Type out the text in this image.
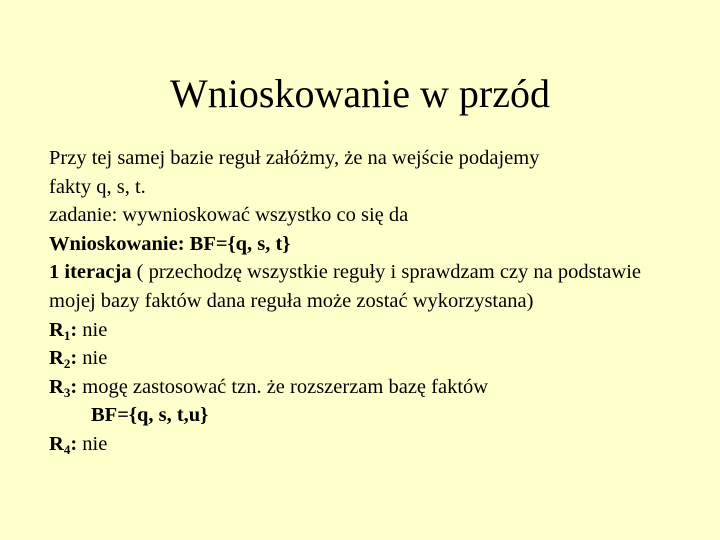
Wnioskowanie w przód
Przy tej samej bazie reguł załóżmy, że na wejście podajemy
fakty q, s, t.
zadanie: wywnioskować wszystko co się da
Wnioskowanie: BF={q, s, t}
1 iteracja ( przechodzę wszystkie reguły i sprawdzam czy na podstawie mojej bazy faktów dana reguła może zostać wykorzystana)
$R_1$: nie
$R_2$: nie
$R_3$: mogę zastosować tzn. że rozszerzam bazę faktów
BF={q, s, t,u}
$R_4$: nie
